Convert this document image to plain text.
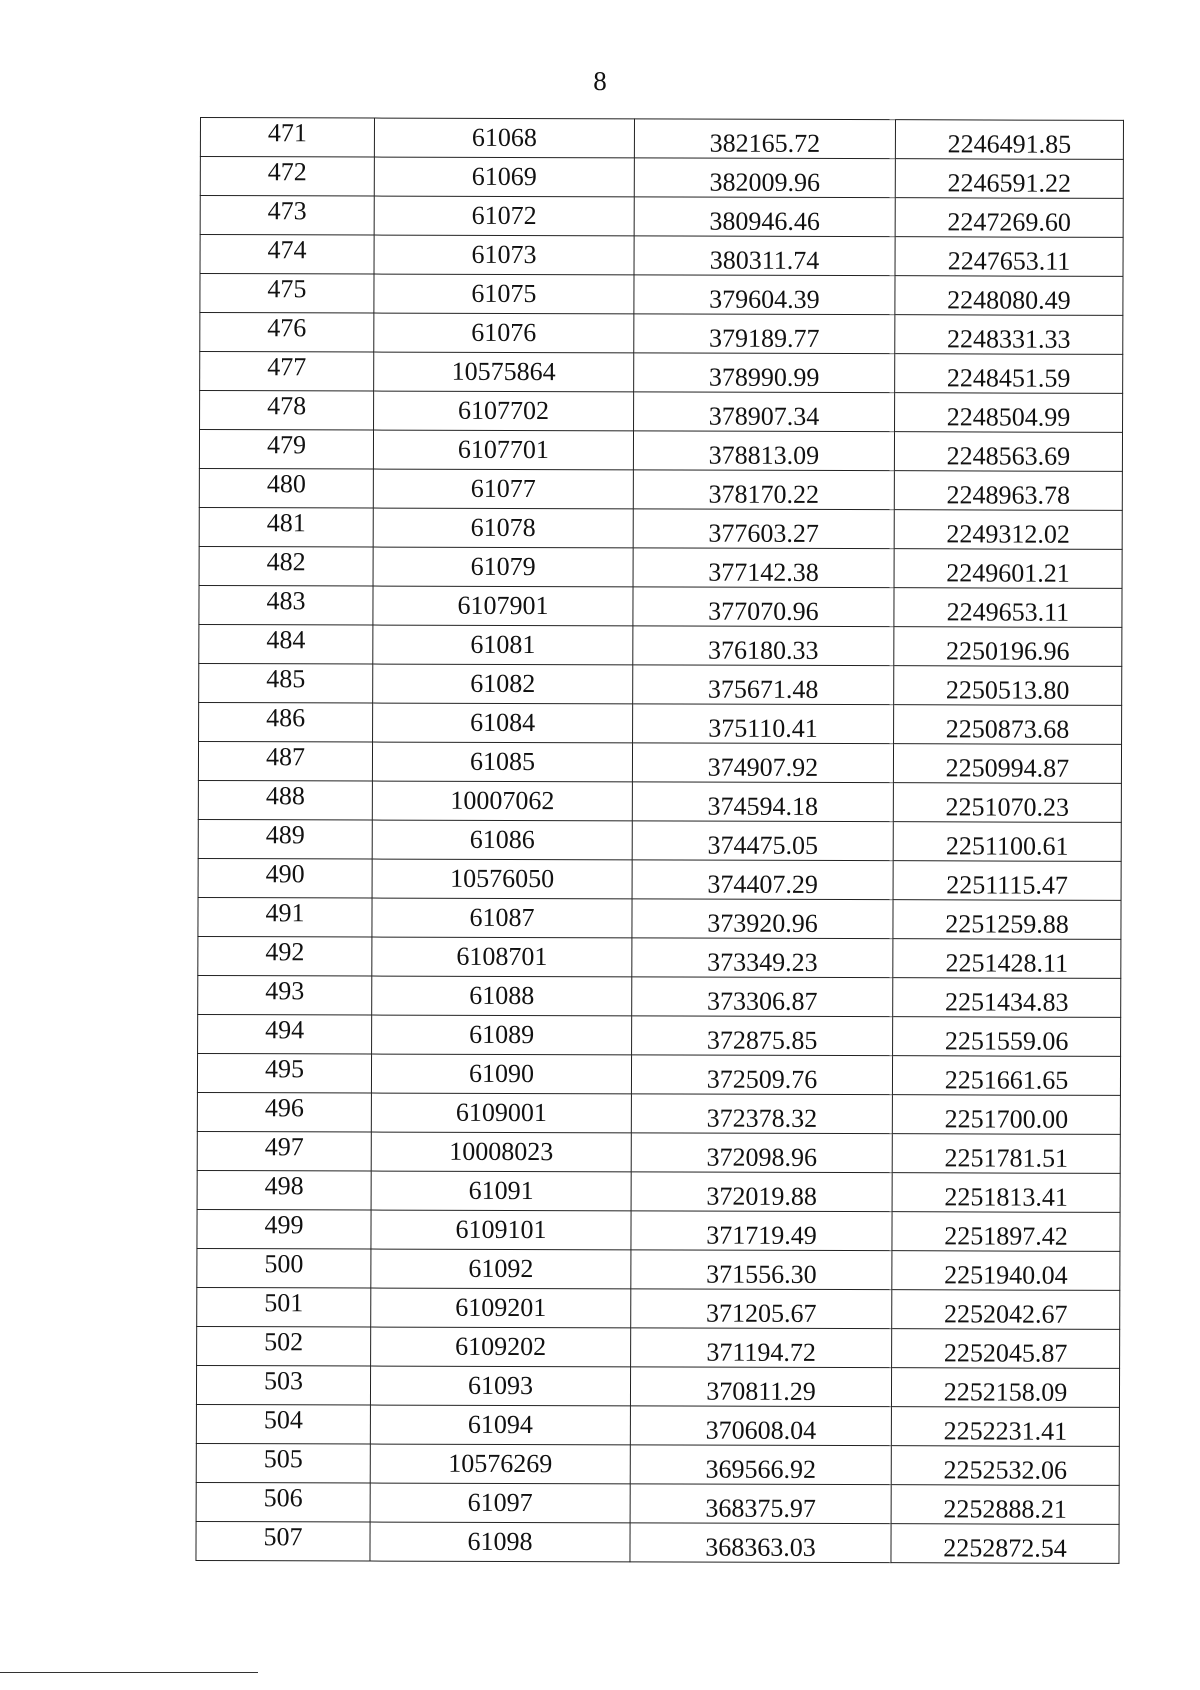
8
471	61068	382165.72	2246491.85
472	61069	382009.96	2246591.22
473	61072	380946.46	2247269.60
474	61073	380311.74	2247653.11
475	61075	379604.39	2248080.49
476	61076	379189.77	2248331.33
477	10575864	378990.99	2248451.59
478	6107702	378907.34	2248504.99
479	6107701	378813.09	2248563.69
480	61077	378170.22	2248963.78
481	61078	377603.27	2249312.02
482	61079	377142.38	2249601.21
483	6107901	377070.96	2249653.11
484	61081	376180.33	2250196.96
485	61082	375671.48	2250513.80
486	61084	375110.41	2250873.68
487	61085	374907.92	2250994.87
488	10007062	374594.18	2251070.23
489	61086	374475.05	2251100.61
490	10576050	374407.29	2251115.47
491	61087	373920.96	2251259.88
492	6108701	373349.23	2251428.11
493	61088	373306.87	2251434.83
494	61089	372875.85	2251559.06
495	61090	372509.76	2251661.65
496	6109001	372378.32	2251700.00
497	10008023	372098.96	2251781.51
498	61091	372019.88	2251813.41
499	6109101	371719.49	2251897.42
500	61092	371556.30	2251940.04
501	6109201	371205.67	2252042.67
502	6109202	371194.72	2252045.87
503	61093	370811.29	2252158.09
504	61094	370608.04	2252231.41
505	10576269	369566.92	2252532.06
506	61097	368375.97	2252888.21
507	61098	368363.03	2252872.54
